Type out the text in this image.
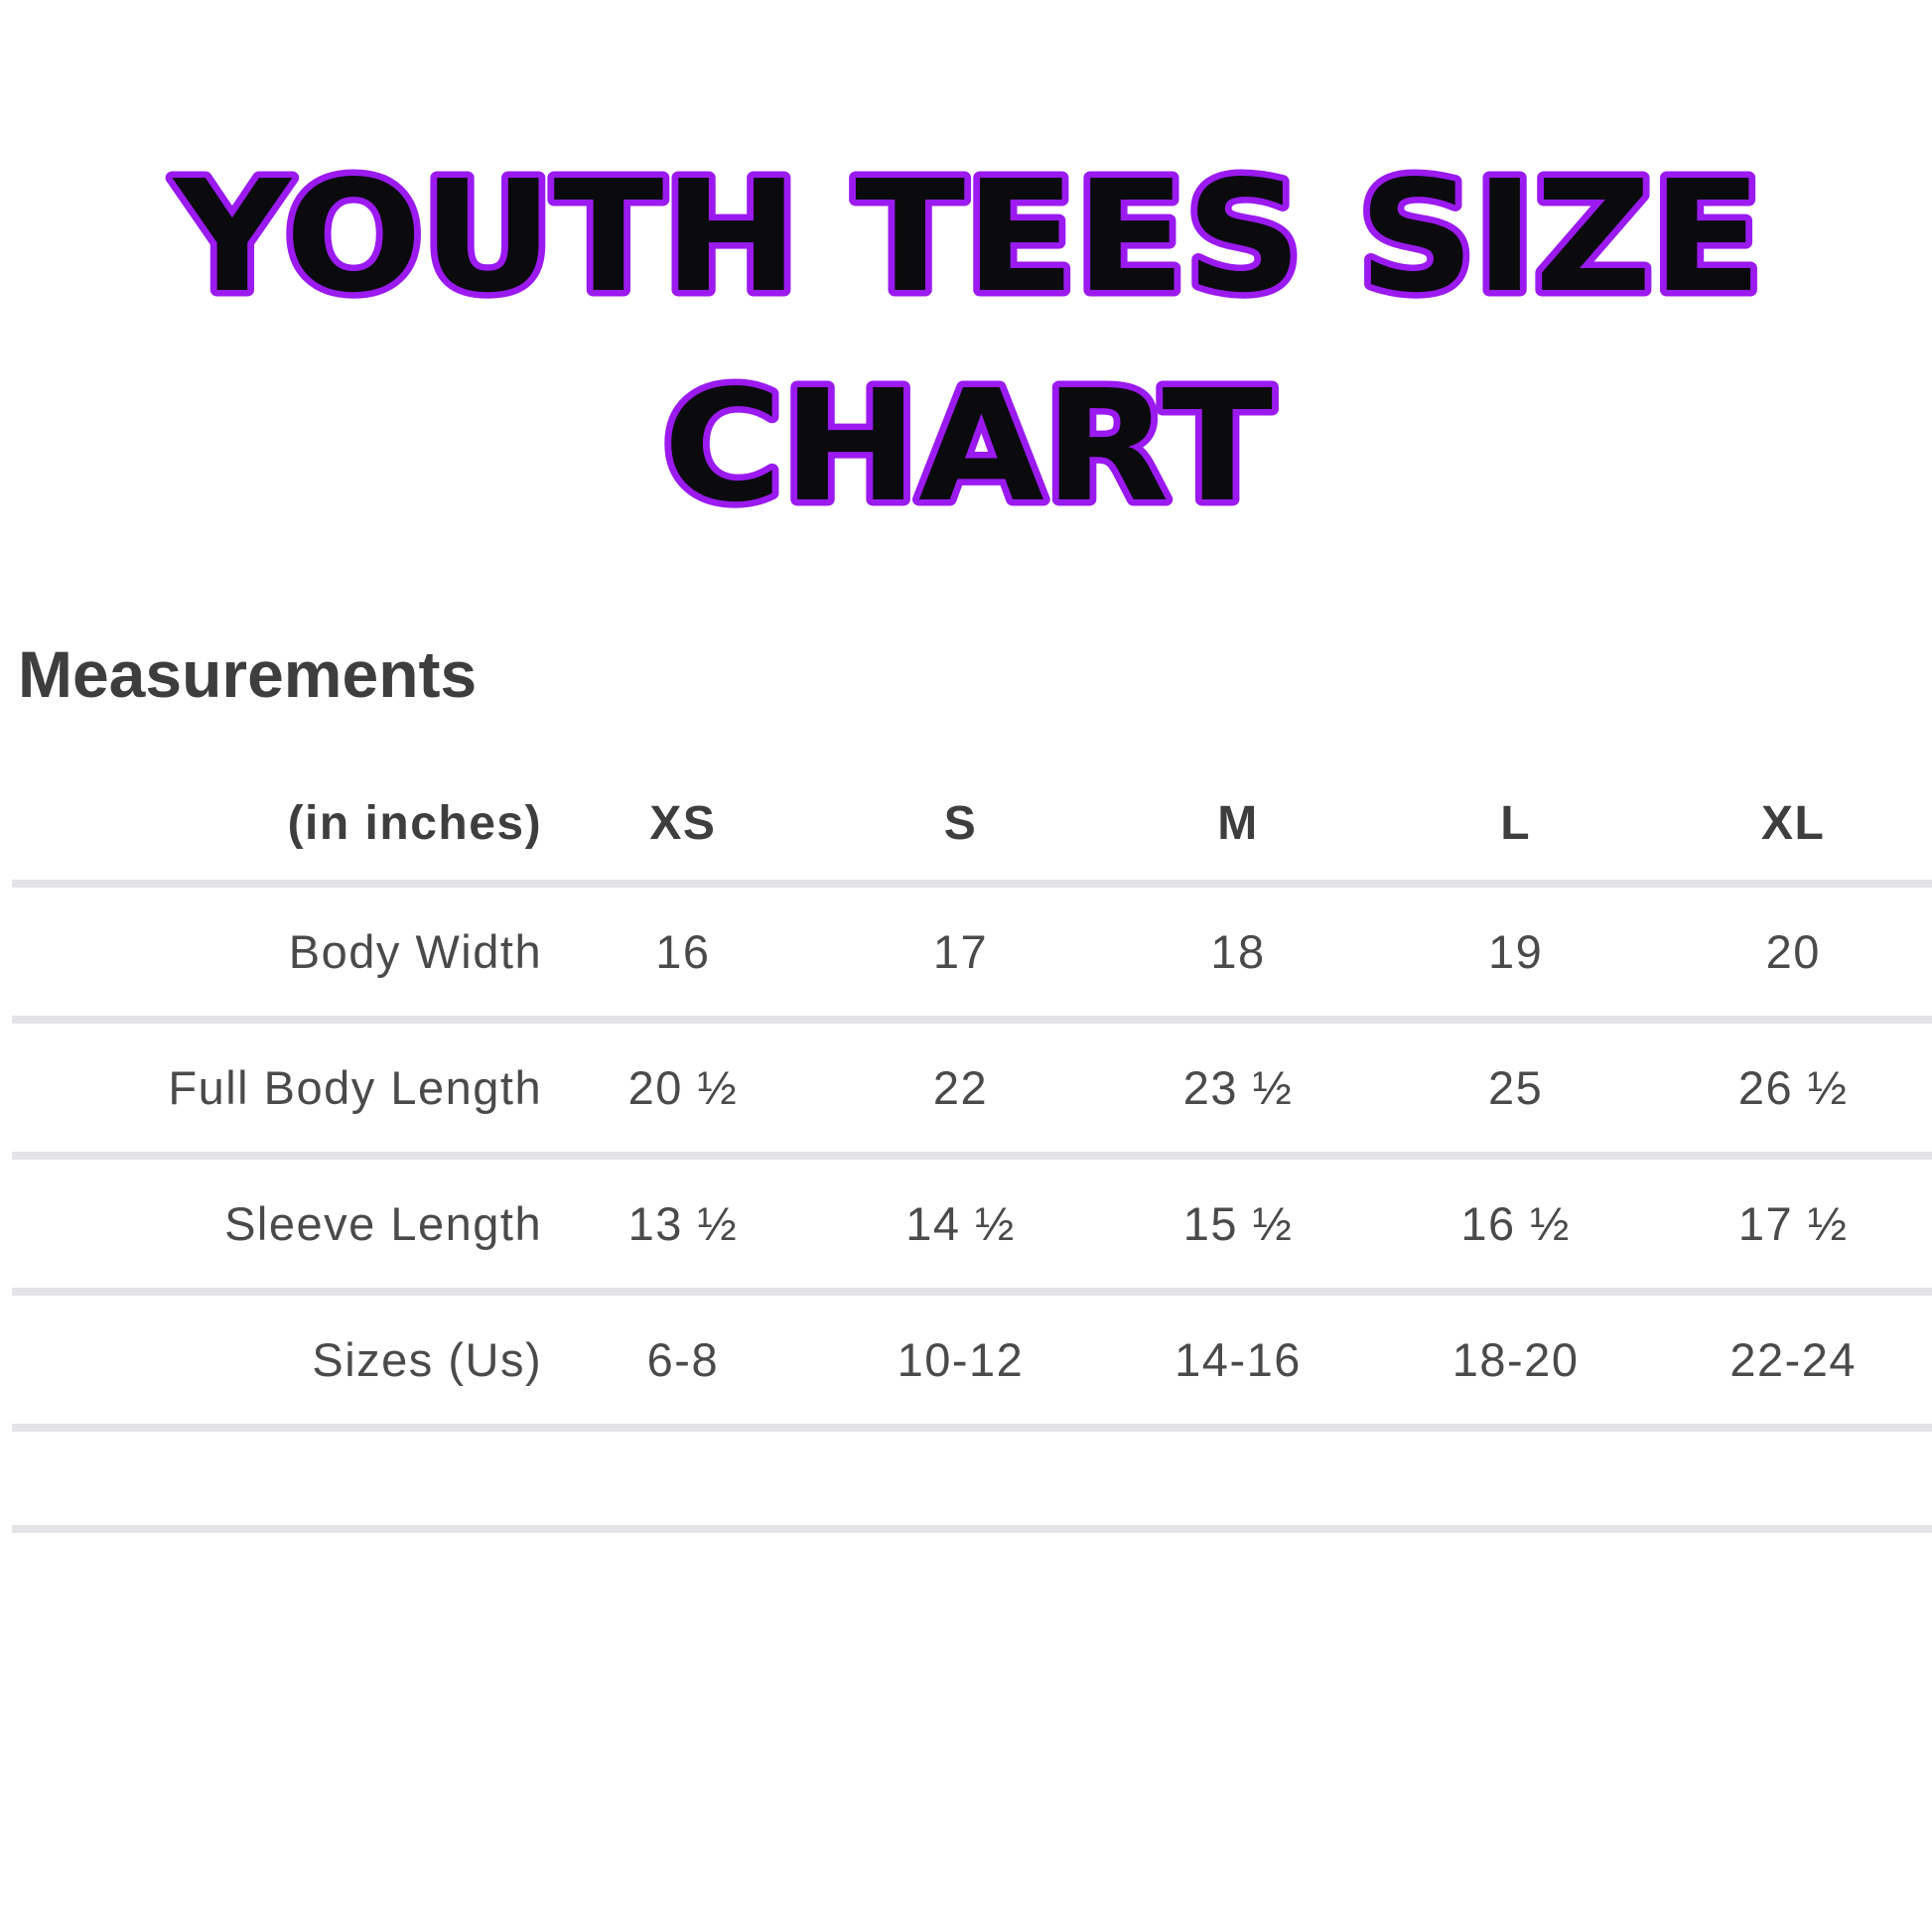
YOUTH TEES SIZE
CHART
Measurements
(in inches)	XS	S	M	L	XL
Body Width	16	17	18	19	20
Full Body Length	20 ½	22	23 ½	25	26 ½
Sleeve Length	13 ½	14 ½	15 ½	16 ½	17 ½
Sizes (Us)	6-8	10-12	14-16	18-20	22-24
